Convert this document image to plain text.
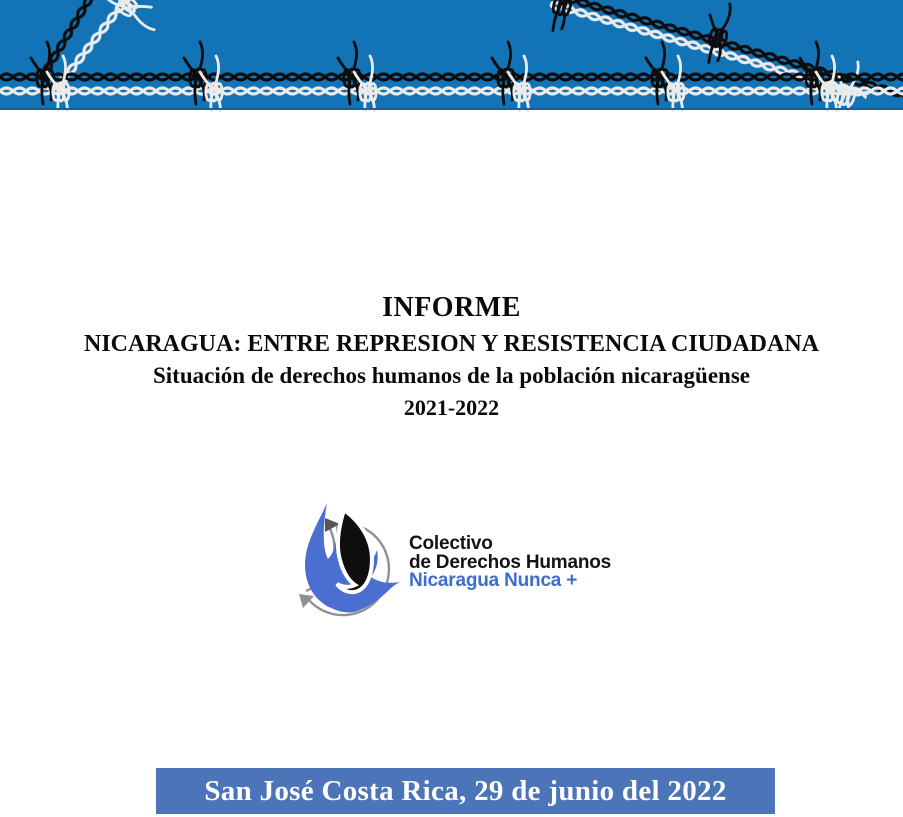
INFORME
NICARAGUA: ENTRE REPRESION Y RESISTENCIA CIUDADANA
Situación de derechos humanos de la población nicaragüense
2021-2022
Colectivo
de Derechos Humanos
Nicaragua Nunca +
San José Costa Rica, 29 de junio del 2022
